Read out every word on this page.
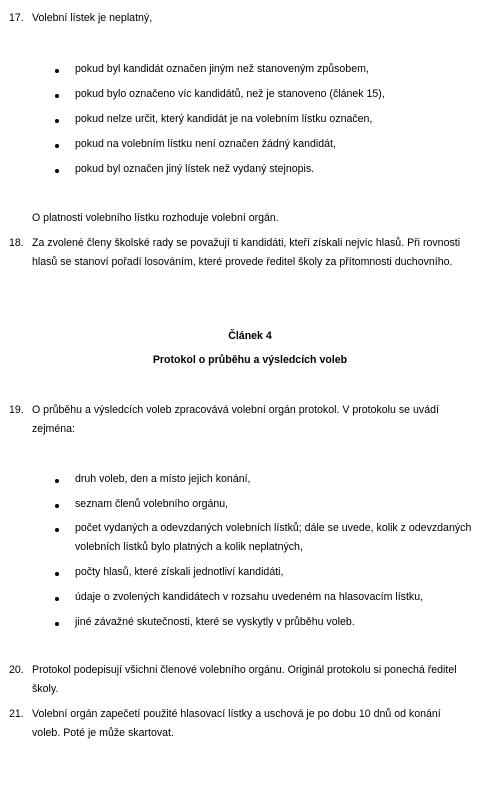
17. Volební lístek je neplatný,
pokud byl kandidát označen jiným než stanoveným způsobem,
pokud bylo označeno víc kandidátů, než je stanoveno (článek 15),
pokud nelze určit, který kandidát je na volebním lístku označen,
pokud na volebním lístku není označen žádný kandidát,
pokud byl označen jiný lístek než vydaný stejnopis.
O platnosti volebního lístku rozhoduje volební orgán.
18. Za zvolené členy školské rady se považují ti kandidáti, kteří získali nejvíc hlasů. Při rovnosti
hlasů se stanoví pořadí losováním, které provede ředitel školy za přítomnosti duchovního.
Článek 4
Protokol o průběhu a výsledcích voleb
19. O průběhu a výsledcích voleb zpracovává volební orgán protokol. V protokolu se uvádí
zejména:
druh voleb, den a místo jejich konání,
seznam členů volebního orgánu,
počet vydaných a odevzdaných volebních lístků; dále se uvede, kolik z odevzdaných
volebních lístků bylo platných a kolik neplatných,
počty hlasů, které získali jednotliví kandidáti,
údaje o zvolených kandidátech v rozsahu uvedeném na hlasovacím lístku,
jiné závažné skutečnosti, které se vyskytly v průběhu voleb.
20. Protokol podepisují všichni členové volebního orgánu. Originál protokolu si ponechá ředitel
školy.
21. Volební orgán zapečetí použité hlasovací lístky a uschová je po dobu 10 dnů od konání
voleb. Poté je může skartovat.
